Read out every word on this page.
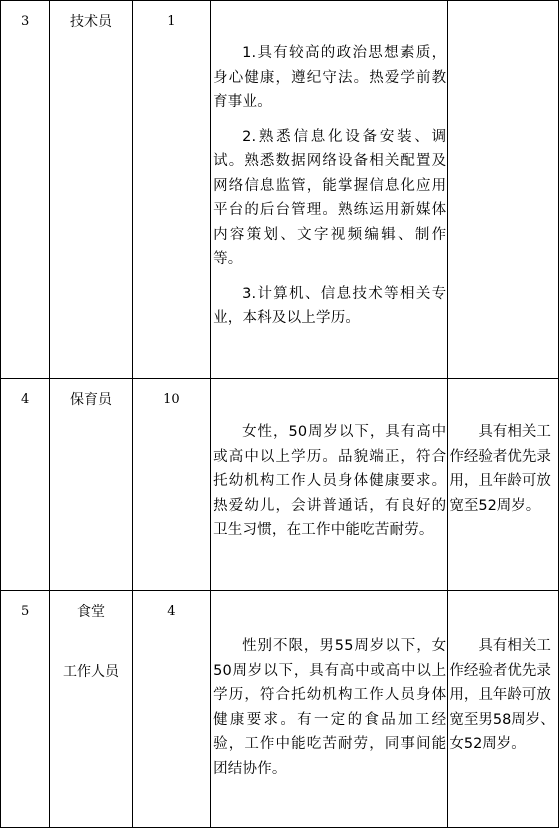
3	技术员	1	1.具有较高的政治思想素质，身心健康，遵纪守法。热爱学前教育事业。

2.熟悉信息化设备安装、调试。熟悉数据网络设备相关配置及网络信息监管，能掌握信息化应用平台的后台管理。熟练运用新媒体内容策划、文字视频编辑、制作等。

3.计算机、信息技术等相关专业，本科及以上学历。	

4	保育员	10	女性，50周岁以下，具有高中或高中以上学历。品貌端正，符合托幼机构工作人员身体健康要求。热爱幼儿，会讲普通话，有良好的卫生习惯，在工作中能吃苦耐劳。	具有相关工作经验者优先录用，且年龄可放宽至52周岁。

5	食堂
工作人员	4	性别不限，男55周岁以下，女50周岁以下，具有高中或高中以上学历，符合托幼机构工作人员身体健康要求。有一定的食品加工经验，工作中能吃苦耐劳，同事间能团结协作。	具有相关工作经验者优先录用，且年龄可放宽至男58周岁、女52周岁。
